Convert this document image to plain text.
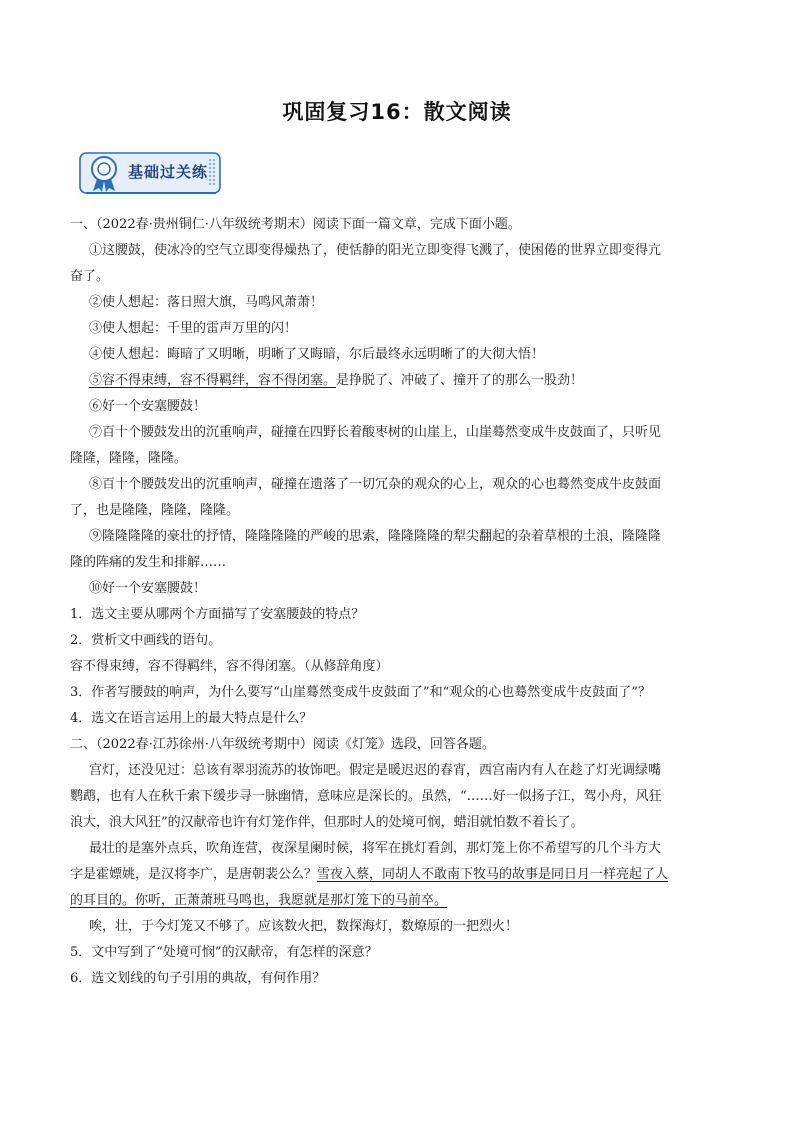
巩固复习16：散文阅读
基础过关练
一、（2022春·贵州铜仁·八年级统考期末）阅读下面一篇文章，完成下面小题。
①这腰鼓，使冰冷的空气立即变得燥热了，使恬静的阳光立即变得飞溅了，使困倦的世界立即变得亢
奋了。
②使人想起：落日照大旗，马鸣风萧萧！
③使人想起：千里的雷声万里的闪！
④使人想起：晦暗了又明晰，明晰了又晦暗，尔后最终永远明晰了的大彻大悟！
⑤容不得束缚，容不得羁绊，容不得闭塞。是挣脱了、冲破了、撞开了的那么一股劲！
⑥好一个安塞腰鼓！
⑦百十个腰鼓发出的沉重响声，碰撞在四野长着酸枣树的山崖上，山崖蓦然变成牛皮鼓面了，只听见
隆隆，隆隆，隆隆。
⑧百十个腰鼓发出的沉重响声，碰撞在遗落了一切冗杂的观众的心上，观众的心也蓦然变成牛皮鼓面
了，也是隆隆，隆隆，隆隆。
⑨隆隆隆隆的豪壮的抒情，隆隆隆隆的严峻的思索，隆隆隆隆的犁尖翻起的杂着草根的土浪，隆隆隆
隆的阵痛的发生和排解……
⑩好一个安塞腰鼓！
1．选文主要从哪两个方面描写了安塞腰鼓的特点？
2．赏析文中画线的语句。
容不得束缚，容不得羁绊，容不得闭塞。（从修辞角度）
3．作者写腰鼓的响声，为什么要写“山崖蓦然变成牛皮鼓面了”和“观众的心也蓦然变成牛皮鼓面了”？
4．选文在语言运用上的最大特点是什么？
二、（2022春·江苏徐州·八年级统考期中）阅读《灯笼》选段，回答各题。
宫灯，还没见过：总该有翠羽流苏的妆饰吧。假定是暖迟迟的春宵，西宫南内有人在趁了灯光调绿嘴
鹦鹉，也有人在秋千索下缓步寻一脉幽情，意味应是深长的。虽然，“……好一似扬子江，驾小舟，风狂
浪大，浪大风狂”的汉献帝也许有灯笼作伴，但那时人的处境可悯，蜡泪就怕数不着长了。
最壮的是塞外点兵，吹角连营，夜深星阑时候，将军在挑灯看剑，那灯笼上你不希望写的几个斗方大
字是霍嫖姚，是汉将李广，是唐朝裴公么？雪夜入蔡，同胡人不敢南下牧马的故事是同日月一样亮起了人
的耳目的。你听，正萧萧班马鸣也，我愿就是那灯笼下的马前卒。
唉，壮，于今灯笼又不够了。应该数火把，数探海灯，数燎原的一把烈火！
5．文中写到了“处境可悯”的汉献帝，有怎样的深意？
6．选文划线的句子引用的典故，有何作用？
